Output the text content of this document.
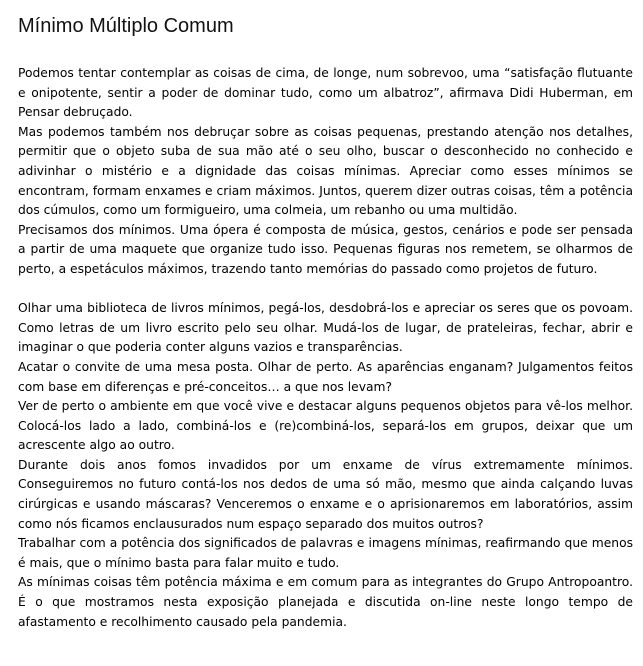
Mínimo Múltiplo Comum

Podemos tentar contemplar as coisas de cima, de longe, num sobrevoo, uma “satisfação flutuante e onipotente, sentir a poder de dominar tudo, como um albatroz”, afirmava Didi Huberman, em Pensar debruçado.

Mas podemos também nos debruçar sobre as coisas pequenas, prestando atenção nos detalhes, permitir que o objeto suba de sua mão até o seu olho, buscar o desconhecido no conhecido e adivinhar o mistério e a dignidade das coisas mínimas. Apreciar como esses mínimos se encontram, formam enxames e criam máximos. Juntos, querem dizer outras coisas, têm a potência dos cúmulos, como um formigueiro, uma colmeia, um rebanho ou uma multidão.

Precisamos dos mínimos. Uma ópera é composta de música, gestos, cenários e pode ser pensada a partir de uma maquete que organize tudo isso. Pequenas figuras nos remetem, se olharmos de perto, a espetáculos máximos, trazendo tanto memórias do passado como projetos de futuro.

Olhar uma biblioteca de livros mínimos, pegá-los, desdobrá-los e apreciar os seres que os povoam. Como letras de um livro escrito pelo seu olhar. Mudá-los de lugar, de prateleiras, fechar, abrir e imaginar o que poderia conter alguns vazios e transparências.

Acatar o convite de uma mesa posta. Olhar de perto. As aparências enganam? Julgamentos feitos com base em diferenças e pré-conceitos… a que nos levam?

Ver de perto o ambiente em que você vive e destacar alguns pequenos objetos para vê-los melhor. Colocá-los lado a lado, combiná-los e (re)combiná-los, separá-los em grupos, deixar que um acrescente algo ao outro.

Durante dois anos fomos invadidos por um enxame de vírus extremamente mínimos. Conseguiremos no futuro contá-los nos dedos de uma só mão, mesmo que ainda calçando luvas cirúrgicas e usando máscaras? Venceremos o enxame e o aprisionaremos em laboratórios, assim como nós ficamos enclausurados num espaço separado dos muitos outros?

Trabalhar com a potência dos significados de palavras e imagens mínimas, reafirmando que menos é mais, que o mínimo basta para falar muito e tudo.

As mínimas coisas têm potência máxima e em comum para as integrantes do Grupo Antropoantro. É o que mostramos nesta exposição planejada e discutida on-line neste longo tempo de afastamento e recolhimento causado pela pandemia.
